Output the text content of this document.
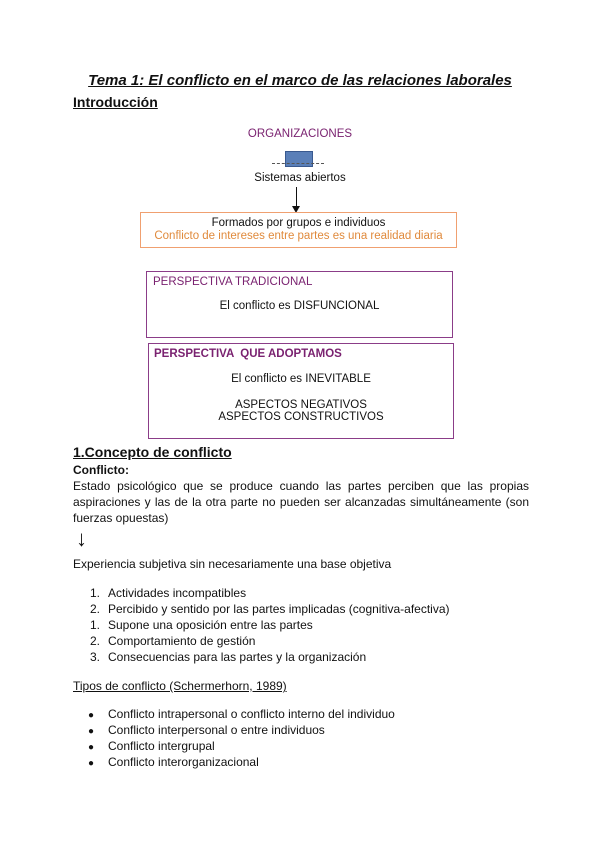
Tema 1: El conflicto en el marco de las relaciones laborales
Introducción
ORGANIZACIONES
Sistemas abiertos
Formados por grupos e individuos
Conflicto de intereses entre partes es una realidad diaria
PERSPECTIVA TRADICIONAL
El conflicto es DISFUNCIONAL
PERSPECTIVA  QUE ADOPTAMOS
El conflicto es INEVITABLE
ASPECTOS NEGATIVOS
ASPECTOS CONSTRUCTIVOS
1.Concepto de conflicto
Conflicto:
Estado psicológico que se produce cuando las partes perciben que las propias aspiraciones y las de la otra parte no pueden ser alcanzadas simultáneamente (son fuerzas opuestas)
↓
Experiencia subjetiva sin necesariamente una base objetiva
1. Actividades incompatibles
2. Percibido y sentido por las partes implicadas (cognitiva-afectiva)
1. Supone una oposición entre las partes
2. Comportamiento de gestión
3. Consecuencias para las partes y la organización
Tipos de conflicto (Schermerhorn, 1989)
● Conflicto intrapersonal o conflicto interno del individuo
● Conflicto interpersonal o entre individuos
● Conflicto intergrupal
● Conflicto interorganizacional
